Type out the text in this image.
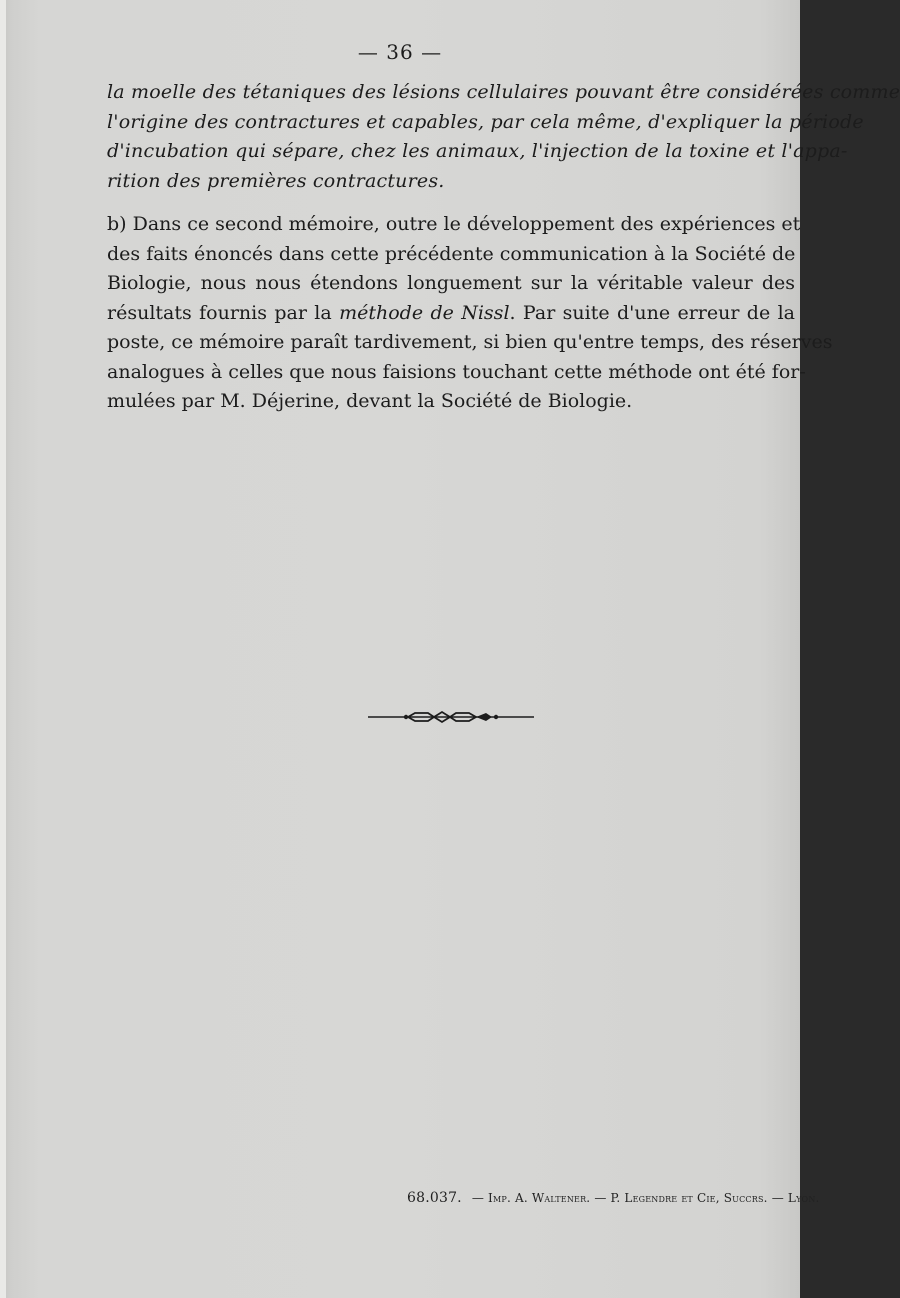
— 36 —
la moelle des tétaniques des lésions cellulaires pouvant être considérées comme
l'origine des contractures et capables, par cela même, d'expliquer la période
d'incubation qui sépare, chez les animaux, l'injection de la toxine et l'appa-
rition des premières contractures.
b) Dans ce second mémoire, outre le développement des expériences et
des faits énoncés dans cette précédente communication à la Société de
Biologie, nous nous étendons longuement sur la véritable valeur des
résultats fournis par la méthode de Nissl. Par suite d'une erreur de la
poste, ce mémoire paraît tardivement, si bien qu'entre temps, des réserves
analogues à celles que nous faisions touchant cette méthode ont été for-
mulées par M. Déjerine, devant la Société de Biologie.
68.037. — Imp. A. Waltener. — P. Legendre et Cie, Succrs. — Lyon.
